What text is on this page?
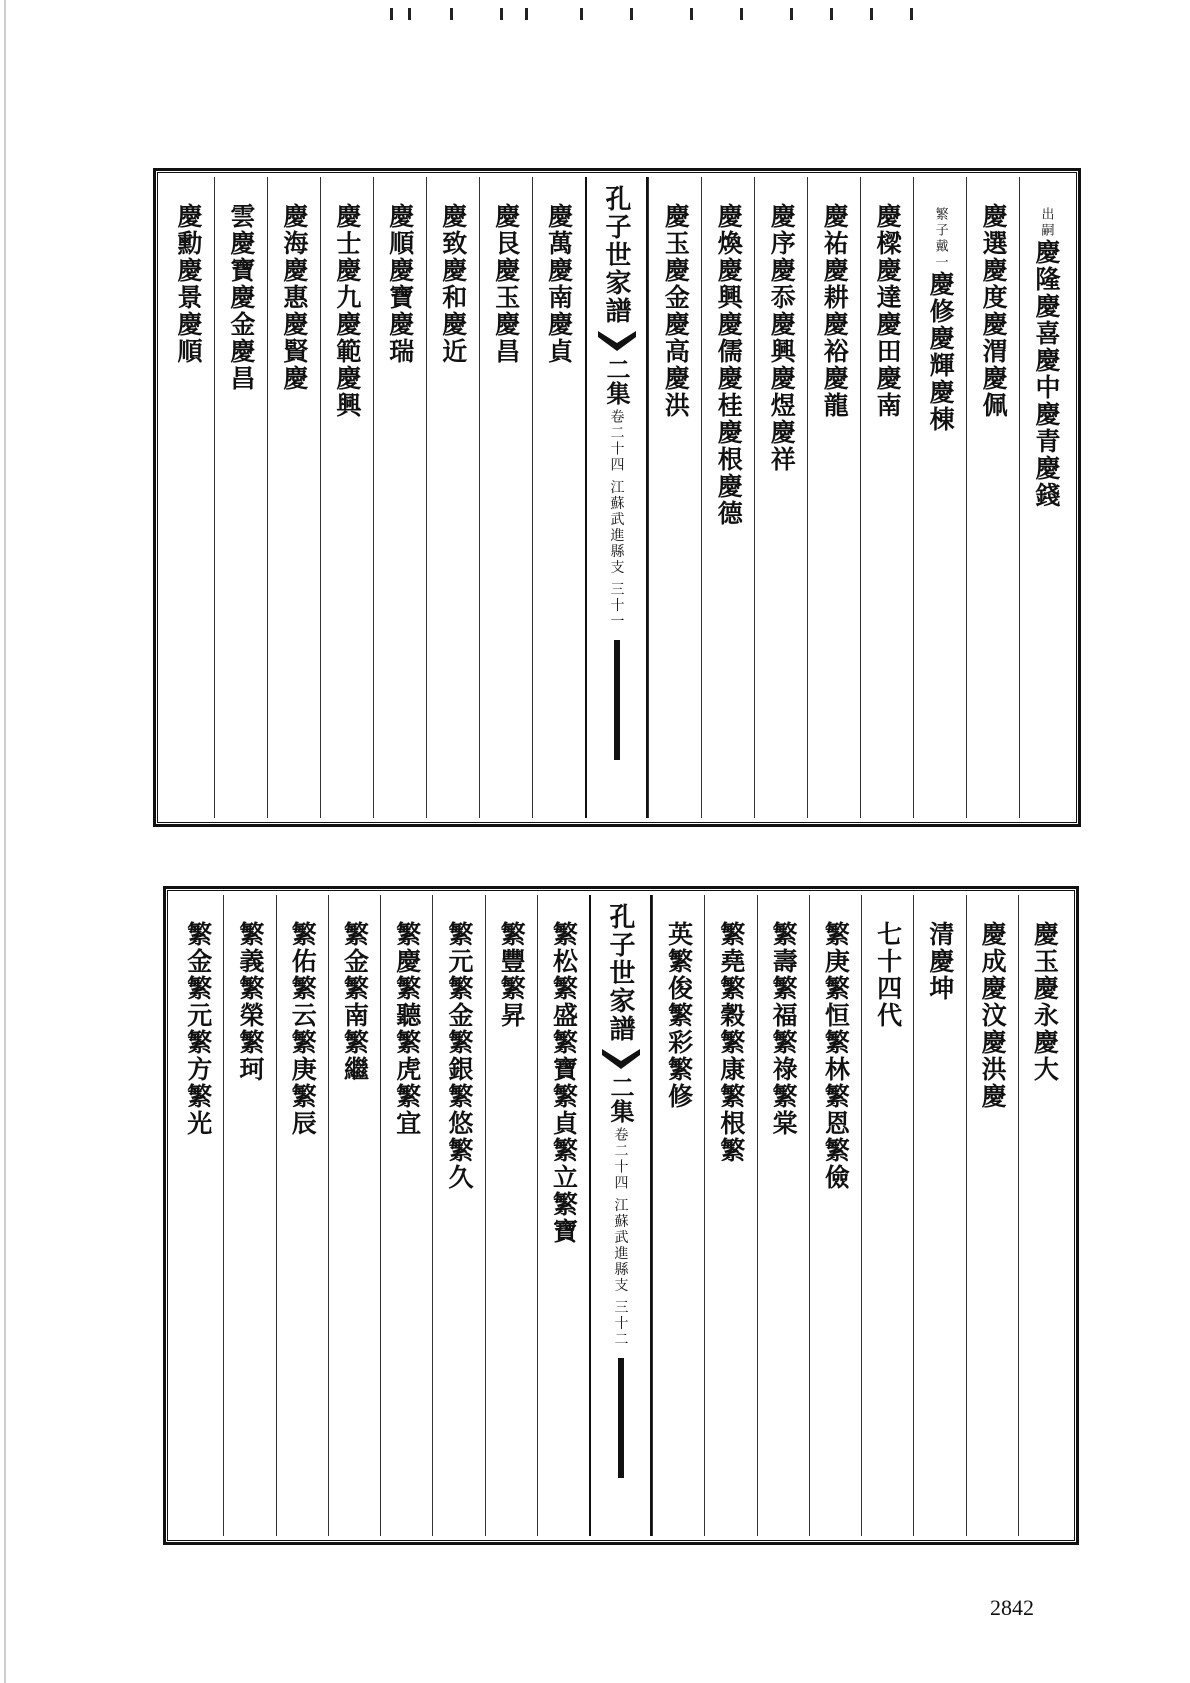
出嗣
慶隆慶喜慶中慶青慶錢
慶選慶度慶渭慶佩
繁子戴一
慶修慶輝慶棟
慶樑慶達慶田慶南
慶祐慶耕慶裕慶龍
慶序慶忝慶興慶煜慶祥
慶煥慶興慶儒慶桂慶根慶德
慶玉慶金慶高慶洪
孔子世家譜
二集
卷二十四 江蘇武進縣支 三十一
慶萬慶南慶貞
慶艮慶玉慶昌
慶致慶和慶近
慶順慶寶慶瑞
慶士慶九慶範慶興
慶海慶惠慶賢慶
雲慶寶慶金慶昌
慶勳慶景慶順
慶玉慶永慶大
慶成慶汶慶洪慶
清慶坤
七十四代
繁庚繁恒繁林繁恩繁儉
繁壽繁福繁祿繁棠
繁堯繁穀繁康繁根繁
英繁俊繁彩繁修
孔子世家譜
二集
卷二十四 江蘇武進縣支 三十二
繁松繁盛繁寶繁貞繁立繁寶
繁豐繁昇
繁元繁金繁銀繁悠繁久
繁慶繁聽繁虎繁宜
繁金繁南繁繼
繁佑繁云繁庚繁辰
繁義繁榮繁珂
繁金繁元繁方繁光
2842
